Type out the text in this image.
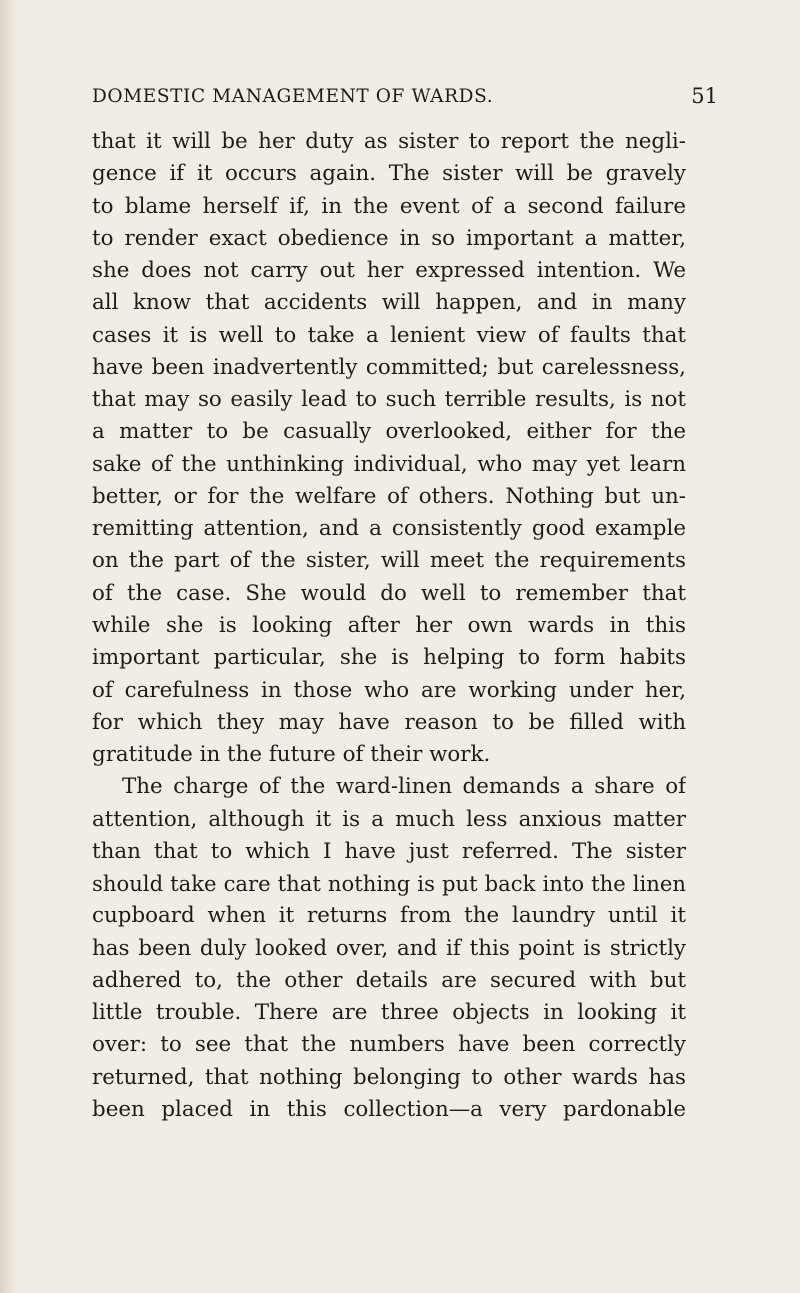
DOMESTIC MANAGEMENT OF WARDS.	51
that it will be her duty as sister to report the negli-
gence if it occurs again. The sister will be gravely
to blame herself if, in the event of a second failure
to render exact obedience in so important a matter,
she does not carry out her expressed intention. We
all know that accidents will happen, and in many
cases it is well to take a lenient view of faults that
have been inadvertently committed; but carelessness,
that may so easily lead to such terrible results, is not
a matter to be casually overlooked, either for the
sake of the unthinking individual, who may yet learn
better, or for the welfare of others. Nothing but un-
remitting attention, and a consistently good example
on the part of the sister, will meet the requirements
of the case. She would do well to remember that
while she is looking after her own wards in this
important particular, she is helping to form habits
of carefulness in those who are working under her,
for which they may have reason to be filled with
gratitude in the future of their work.
The charge of the ward-linen demands a share of
attention, although it is a much less anxious matter
than that to which I have just referred. The sister
should take care that nothing is put back into the linen
cupboard when it returns from the laundry until it
has been duly looked over, and if this point is strictly
adhered to, the other details are secured with but
little trouble. There are three objects in looking it
over: to see that the numbers have been correctly
returned, that nothing belonging to other wards has
been placed in this collection—a very pardonable
